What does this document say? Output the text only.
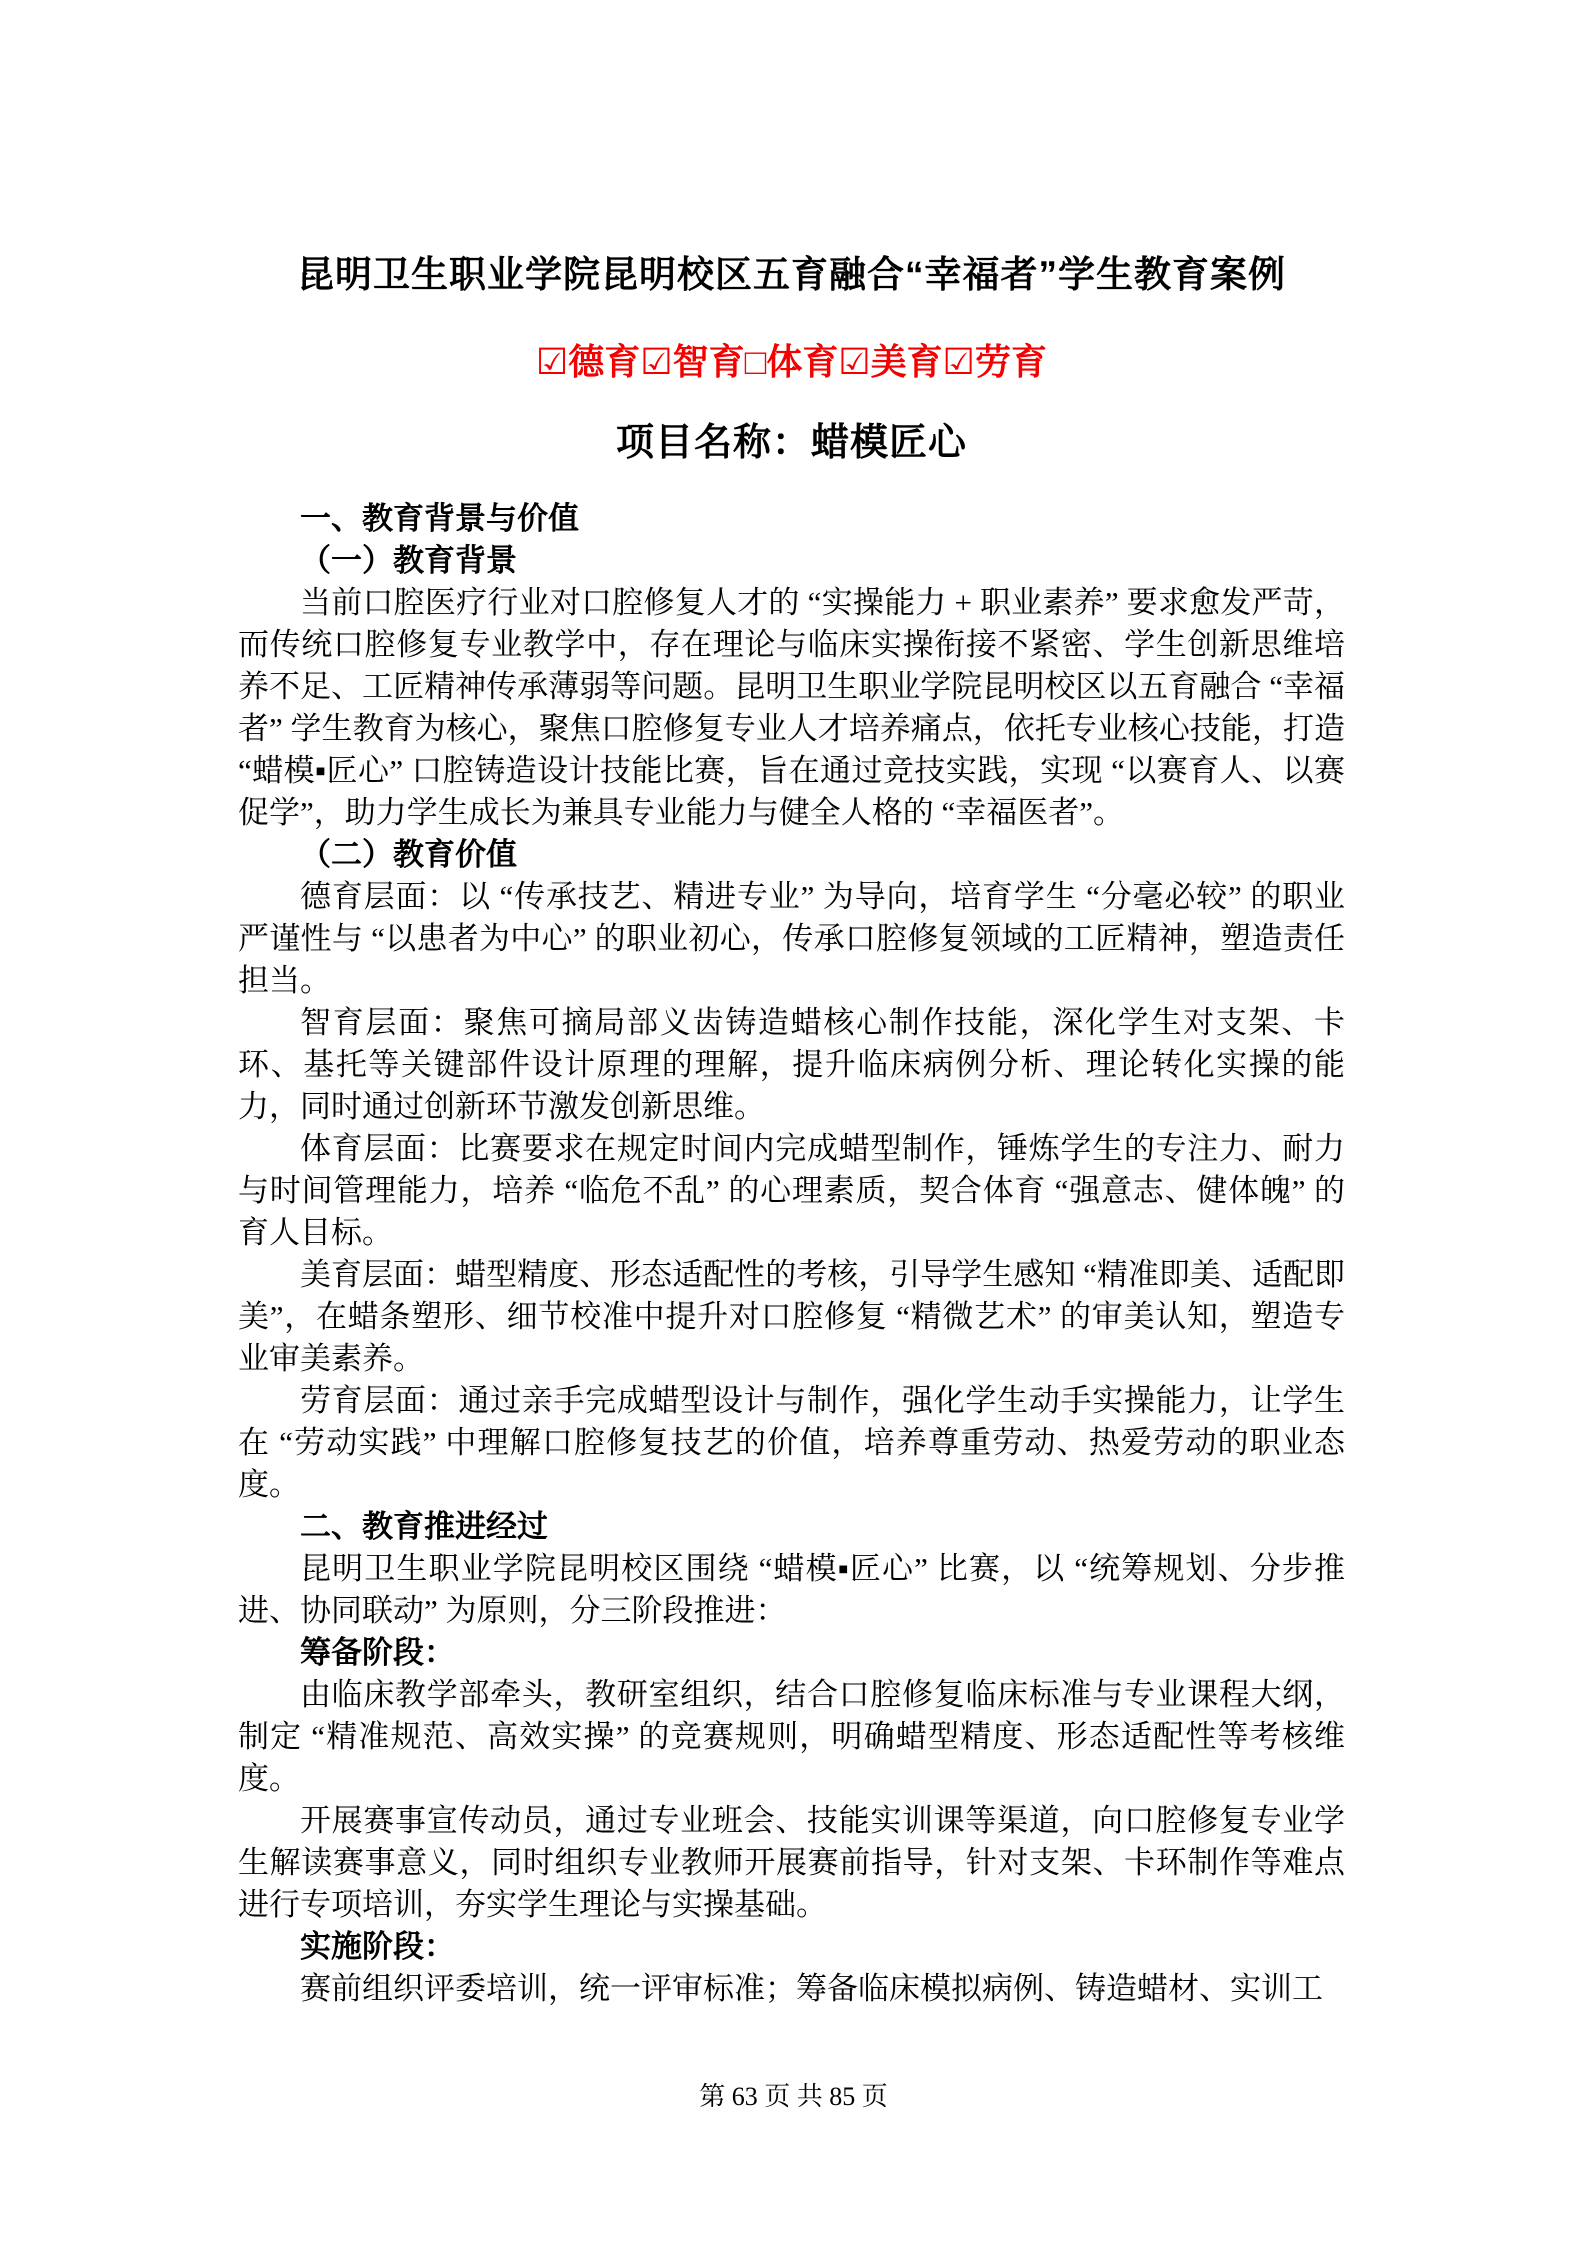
昆明卫生职业学院昆明校区五育融合“幸福者”学生教育案例
☑德育☑智育□体育☑美育☑劳育
项目名称：蜡模匠心

一、教育背景与价值

（一）教育背景

当前口腔医疗行业对口腔修复人才的 “实操能力 + 职业素养” 要求愈发严苛，而传统口腔修复专业教学中，存在理论与临床实操衔接不紧密、学生创新思维培养不足、工匠精神传承薄弱等问题。昆明卫生职业学院昆明校区以五育融合 “幸福者” 学生教育为核心，聚焦口腔修复专业人才培养痛点，依托专业核心技能，打造 “蜡模▪匠心” 口腔铸造设计技能比赛，旨在通过竞技实践，实现 “以赛育人、以赛促学”，助力学生成长为兼具专业能力与健全人格的 “幸福医者”。

（二）教育价值

德育层面：以 “传承技艺、精进专业” 为导向，培育学生 “分毫必较” 的职业严谨性与 “以患者为中心” 的职业初心，传承口腔修复领域的工匠精神，塑造责任担当。

智育层面：聚焦可摘局部义齿铸造蜡核心制作技能，深化学生对支架、卡环、基托等关键部件设计原理的理解，提升临床病例分析、理论转化实操的能力，同时通过创新环节激发创新思维。

体育层面：比赛要求在规定时间内完成蜡型制作，锤炼学生的专注力、耐力与时间管理能力，培养 “临危不乱” 的心理素质，契合体育 “强意志、健体魄” 的育人目标。

美育层面：蜡型精度、形态适配性的考核，引导学生感知 “精准即美、适配即美”，在蜡条塑形、细节校准中提升对口腔修复 “精微艺术” 的审美认知，塑造专业审美素养。

劳育层面：通过亲手完成蜡型设计与制作，强化学生动手实操能力，让学生在 “劳动实践” 中理解口腔修复技艺的价值，培养尊重劳动、热爱劳动的职业态度。

二、教育推进经过

昆明卫生职业学院昆明校区围绕 “蜡模▪匠心” 比赛，以 “统筹规划、分步推进、协同联动” 为原则，分三阶段推进：

筹备阶段：

由临床教学部牵头，教研室组织，结合口腔修复临床标准与专业课程大纲，制定 “精准规范、高效实操” 的竞赛规则，明确蜡型精度、形态适配性等考核维度。

开展赛事宣传动员，通过专业班会、技能实训课等渠道，向口腔修复专业学生解读赛事意义，同时组织专业教师开展赛前指导，针对支架、卡环制作等难点进行专项培训，夯实学生理论与实操基础。

实施阶段：

赛前组织评委培训，统一评审标准；筹备临床模拟病例、铸造蜡材、实训工

第 63 页 共 85 页
